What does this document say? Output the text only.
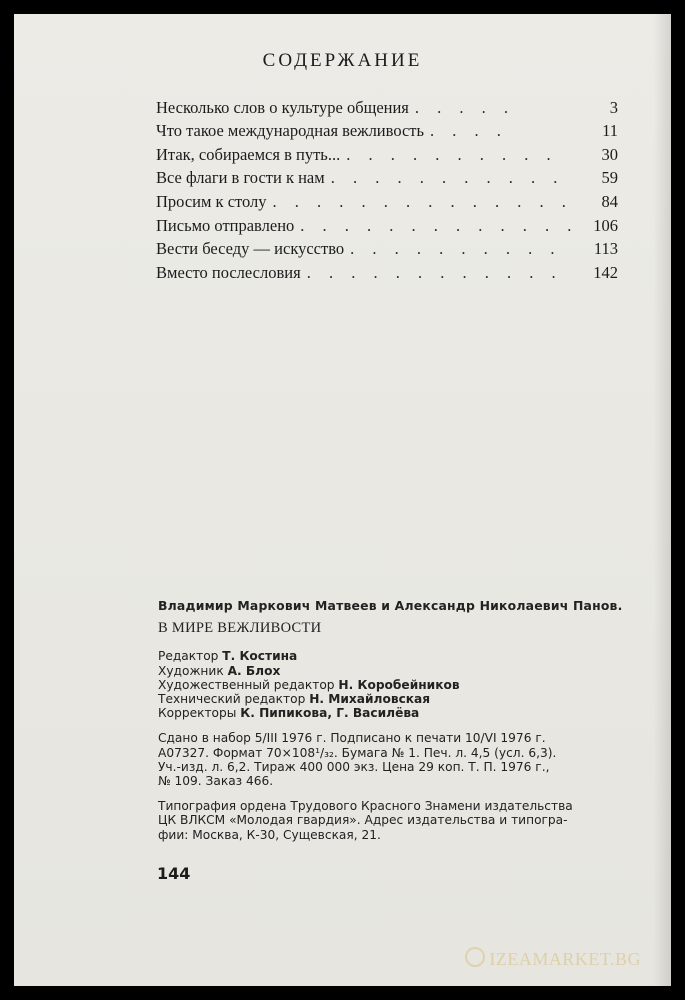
СОДЕРЖАНИЕ
Несколько слов о культуре общения . . . . .	3
Что такое международная вежливость . . . .	11
Итак, собираемся в путь... . . . . . . . . . .	30
Все флаги в гости к нам . . . . . . . . . . .	59
Просим к столу . . . . . . . . . . . . . .	84
Письмо отправлено . . . . . . . . . . . . . 106
Вести беседу — искусство . . . . . . . . . .	113
Вместо послесловия . . . . . . . . . . . .	142
Владимир Маркович Матвеев и Александр Николаевич Панов.
В МИРЕ ВЕЖЛИВОСТИ
Редактор Т. Костина
Художник А. Блох
Художественный редактор Н. Коробейников
Технический редактор Н. Михайловская
Корректоры К. Пипикова, Г. Василёва
Сдано в набор 5/III 1976 г. Подписано к печати 10/VI 1976 г.
А07327. Формат 70×108¹/₃₂. Бумага № 1. Печ. л. 4,5 (усл. 6,3).
Уч.-изд. л. 6,2. Тираж 400 000 экз. Цена 29 коп. Т. П. 1976 г.,
№ 109. Заказ 466.
Типография ордена Трудового Красного Знамени издательства
ЦК ВЛКСМ «Молодая гвардия». Адрес издательства и типогра-
фии: Москва, К-30, Сущевская, 21.
144
IZEAMARKET.BG
